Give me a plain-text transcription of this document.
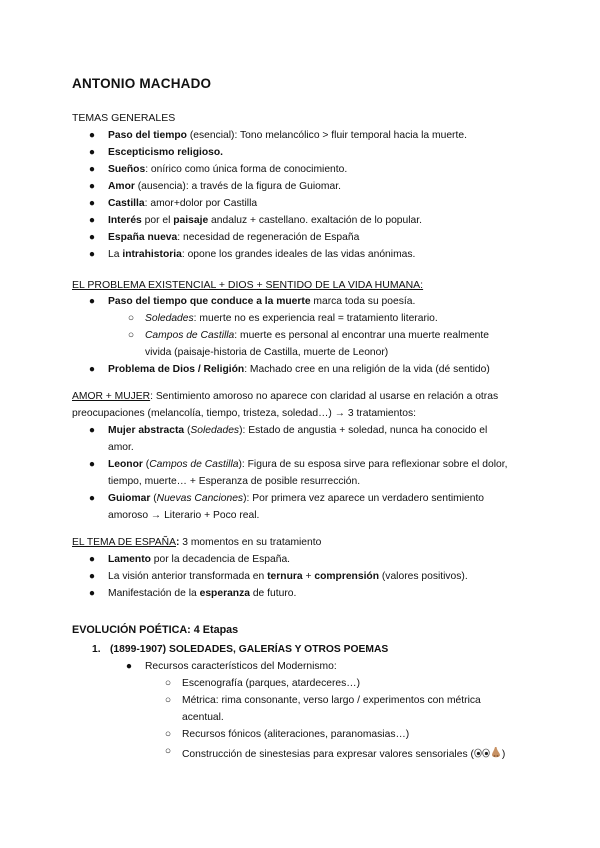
ANTONIO MACHADO
TEMAS GENERALES
● Paso del tiempo (esencial): Tono melancólico > fluir temporal hacia la muerte.
● Escepticismo religioso.
● Sueños: onírico como única forma de conocimiento.
● Amor (ausencia): a través de la figura de Guiomar.
● Castilla: amor+dolor por Castilla
● Interés por el paisaje andaluz + castellano. exaltación de lo popular.
● España nueva: necesidad de regeneración de España
● La intrahistoria: opone los grandes ideales de las vidas anónimas.
EL PROBLEMA EXISTENCIAL + DIOS + SENTIDO DE LA VIDA HUMANA:
● Paso del tiempo que conduce a la muerte marca toda su poesía.
○ Soledades: muerte no es experiencia real = tratamiento literario.
○ Campos de Castilla: muerte es personal al encontrar una muerte realmente
vivida (paisaje-historia de Castilla, muerte de Leonor)
● Problema de Dios / Religión: Machado cree en una religión de la vida (dé sentido)
AMOR + MUJER: Sentimiento amoroso no aparece con claridad al usarse en relación a otras
preocupaciones (melancolía, tiempo, tristeza, soledad…) → 3 tratamientos:
● Mujer abstracta (Soledades): Estado de angustia + soledad, nunca ha conocido el
amor.
● Leonor (Campos de Castilla): Figura de su esposa sirve para reflexionar sobre el dolor,
tiempo, muerte… + Esperanza de posible resurrección.
● Guiomar (Nuevas Canciones): Por primera vez aparece un verdadero sentimiento
amoroso → Literario + Poco real.
EL TEMA DE ESPAÑA: 3 momentos en su tratamiento
● Lamento por la decadencia de España.
● La visión anterior transformada en ternura + comprensión (valores positivos).
● Manifestación de la esperanza de futuro.
EVOLUCIÓN POÉTICA: 4 Etapas
1. (1899-1907) SOLEDADES, GALERÍAS Y OTROS POEMAS
● Recursos característicos del Modernismo:
○ Escenografía (parques, atardeceres…)
○ Métrica: rima consonante, verso largo / experimentos con métrica
acentual.
○ Recursos fónicos (aliteraciones, paranomasias…)
○ Construcción de sinestesias para expresar valores sensoriales (	)
